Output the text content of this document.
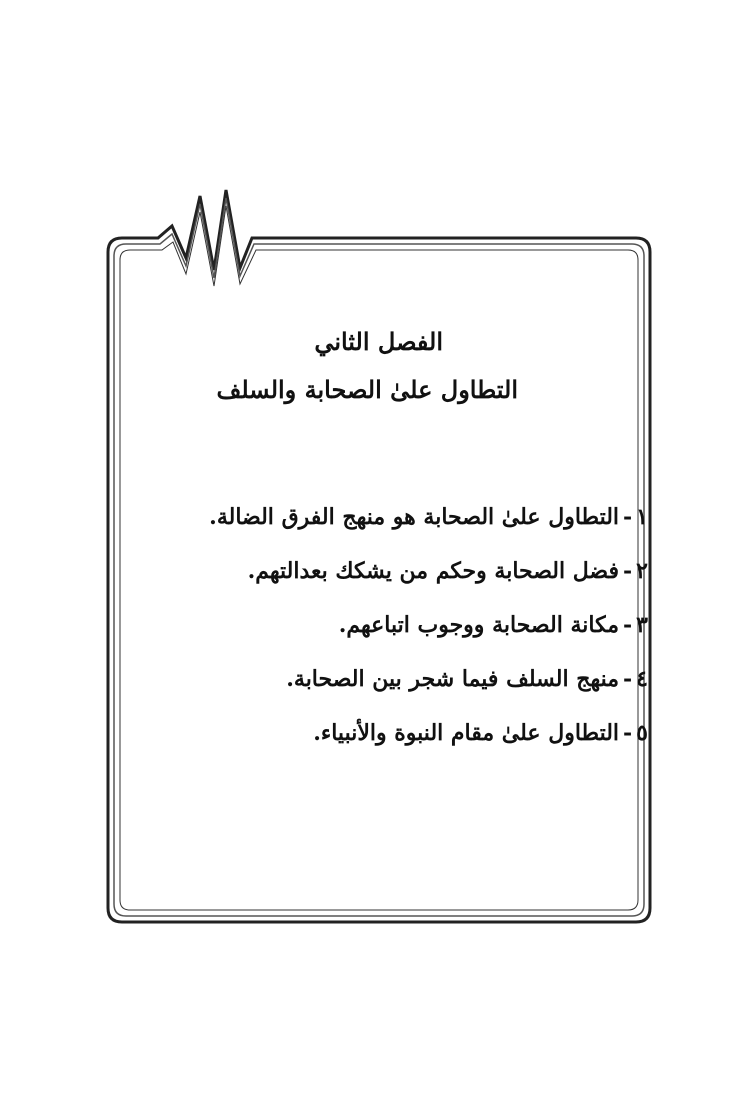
الفصل الثاني
التطاول علىٰ الصحابة والسلف
١-التطاول علىٰ الصحابة هو منهج الفرق الضالة.
٢-فضل الصحابة وحكم من يشكك بعدالتهم.
٣-مكانة الصحابة ووجوب اتباعهم.
٤-منهج السلف فيما شجر بين الصحابة.
٥-التطاول علىٰ مقام النبوة والأنبياء.
